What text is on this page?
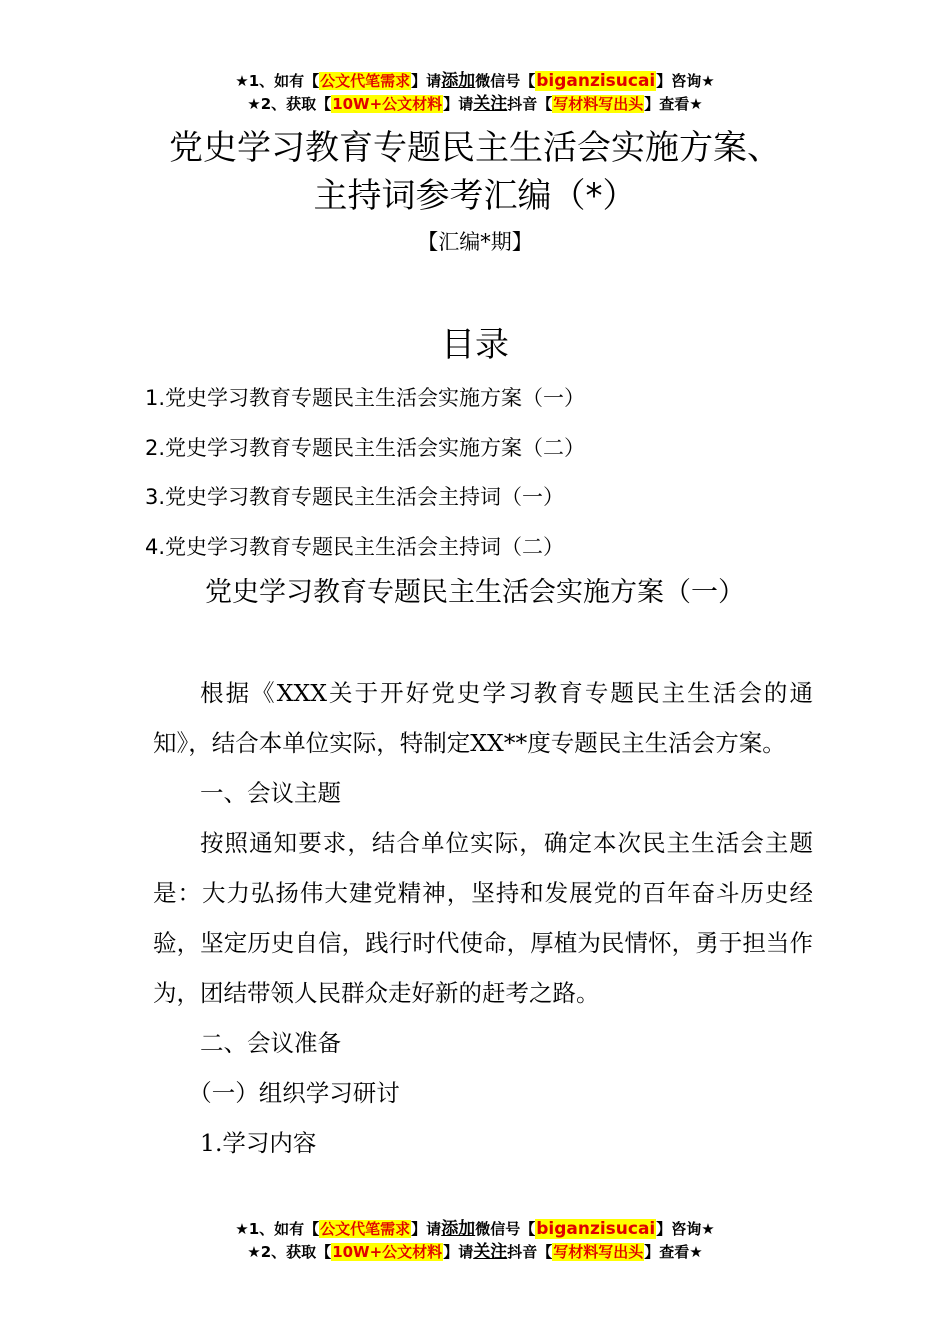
★1、如有【公文代笔需求】请添加微信号【biganzisucai】咨询★
★2、获取【10W+公文材料】请关注抖音【写材料写出头】查看★
党史学习教育专题民主生活会实施方案、
主持词参考汇编（*）
【汇编*期】
目录
1.党史学习教育专题民主生活会实施方案（一）
2.党史学习教育专题民主生活会实施方案（二）
3.党史学习教育专题民主生活会主持词（一）
4.党史学习教育专题民主生活会主持词（二）
党史学习教育专题民主生活会实施方案（一）

根据《XXX关于开好党史学习教育专题民主生活会的通知》，结合本单位实际，特制定XX**度专题民主生活会方案。

一、会议主题

按照通知要求，结合单位实际，确定本次民主生活会主题是：大力弘扬伟大建党精神，坚持和发展党的百年奋斗历史经验，坚定历史自信，践行时代使命，厚植为民情怀，勇于担当作为，团结带领人民群众走好新的赶考之路。

二、会议准备

（一）组织学习研讨

1.学习内容

★1、如有【公文代笔需求】请添加微信号【biganzisucai】咨询★
★2、获取【10W+公文材料】请关注抖音【写材料写出头】查看★
